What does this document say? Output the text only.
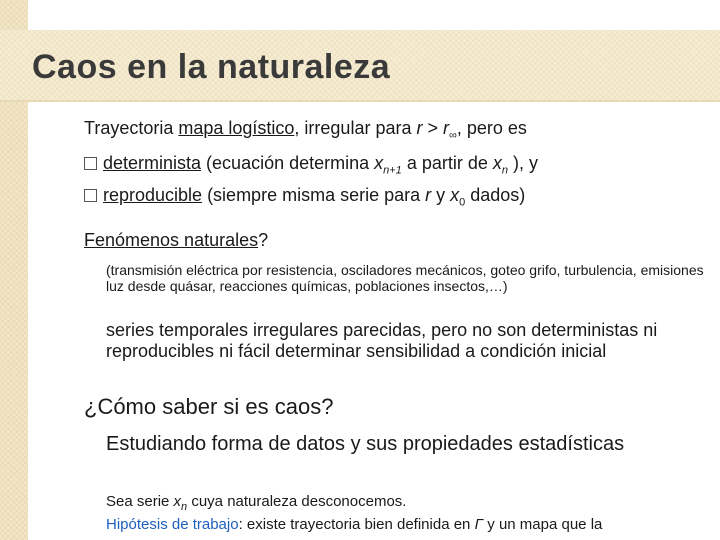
Caos en la naturaleza
Trayectoria mapa logístico, irregular para $r > r_\infty$, pero es
determinista (ecuación determina $x_{n+1}$ a partir de $x_n$ ), y
reproducible (siempre misma serie para r y $x_0$ dados)
Fenómenos naturales?
(transmisión eléctrica por resistencia, osciladores mecánicos, goteo grifo, turbulencia, emisiones luz desde quásar, reacciones químicas, poblaciones insectos,…)
series temporales irregulares parecidas, pero no son deterministas ni reproducibles ni fácil determinar sensibilidad a condición inicial
¿Cómo saber si es caos?
Estudiando forma de datos y sus propiedades estadísticas
Sea serie $x_n$ cuya naturaleza desconocemos.
Hipótesis de trabajo: existe trayectoria bien definida en Γ y un mapa que la
